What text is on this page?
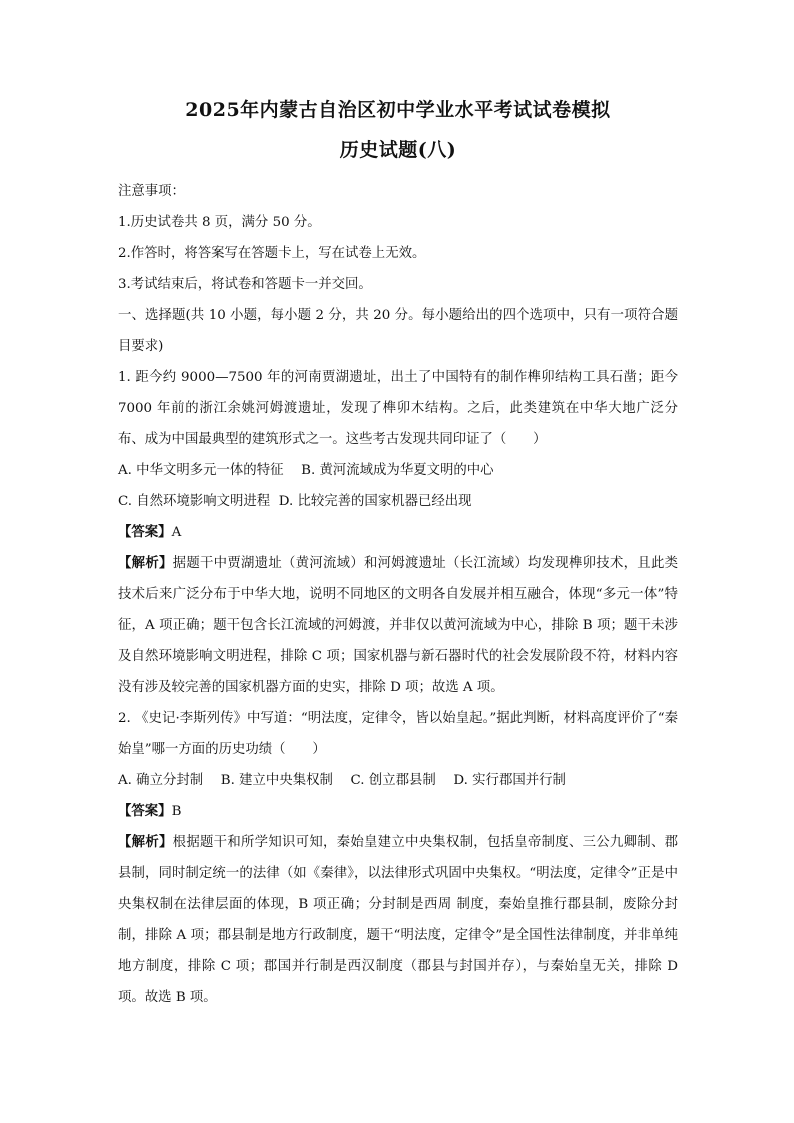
2025年内蒙古自治区初中学业水平考试试卷模拟
历史试题(八)
注意事项：
1.历史试卷共 8 页，满分 50 分。
2.作答时，将答案写在答题卡上，写在试卷上无效。
3.考试结束后，将试卷和答题卡一并交回。
一、选择题(共 10 小题，每小题 2 分，共 20 分。每小题给出的四个选项中，只有一项符合题目要求)
1. 距今约 9000—7500 年的河南贾湖遗址，出土了中国特有的制作榫卯结构工具石凿；距今 7000 年前的浙江余姚河姆渡遗址，发现了榫卯木结构。之后，此类建筑在中华大地广泛分布、成为中国最典型的建筑形式之一。这些考古发现共同印证了（　　）
A. 中华文明多元一体的特征　 B. 黄河流域成为华夏文明的中心
C. 自然环境影响文明进程  D. 比较完善的国家机器已经出现
【答案】A
【解析】据题干中贾湖遗址（黄河流域）和河姆渡遗址（长江流域）均发现榫卯技术，且此类技术后来广泛分布于中华大地，说明不同地区的文明各自发展并相互融合，体现“多元一体”特征，A 项正确；题干包含长江流域的河姆渡，并非仅以黄河流域为中心，排除 B 项；题干未涉及自然环境影响文明进程，排除 C 项；国家机器与新石器时代的社会发展阶段不符，材料内容没有涉及较完善的国家机器方面的史实，排除 D 项；故选 A 项。
2. 《史记·李斯列传》中写道：“明法度，定律令，皆以始皇起。”据此判断，材料高度评价了“秦始皇”哪一方面的历史功绩（　　）
A. 确立分封制　 B. 建立中央集权制　 C. 创立郡县制　 D. 实行郡国并行制
【答案】B
【解析】根据题干和所学知识可知，秦始皇建立中央集权制，包括皇帝制度、三公九卿制、郡县制，同时制定统一的法律（如《秦律》，以法律形式巩固中央集权。“明法度，定律令”正是中央集权制在法律层面的体现，B 项正确；分封制是西周 制度，秦始皇推行郡县制，废除分封制，排除 A 项；郡县制是地方行政制度，题干“明法度，定律令”是全国性法律制度，并非单纯地方制度，排除 C 项；郡国并行制是西汉制度（郡县与封国并存），与秦始皇无关，排除 D 项。故选 B 项。
